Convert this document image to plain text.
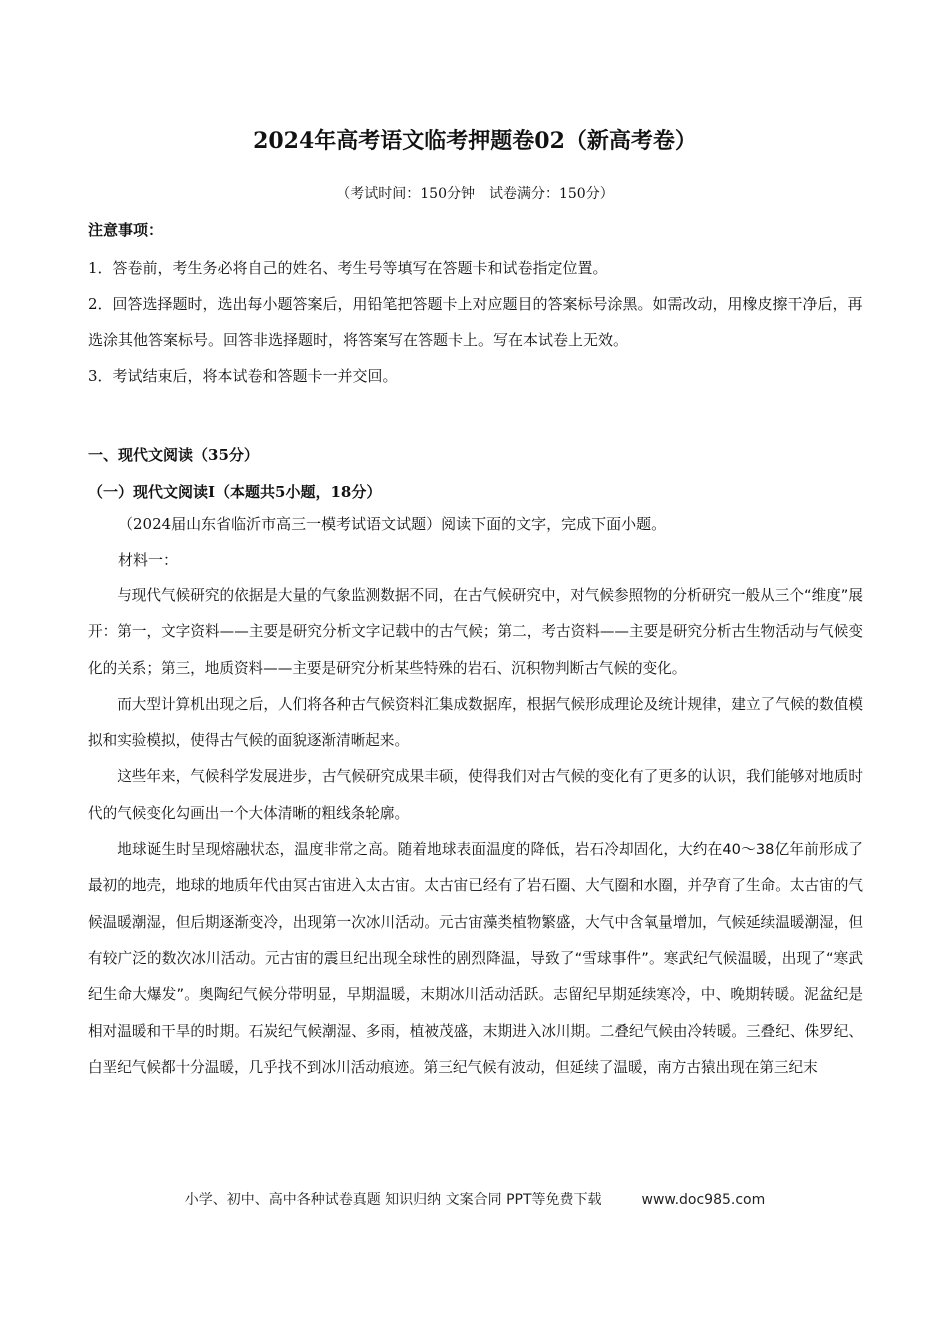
2024年高考语文临考押题卷02（新高考卷）
（考试时间：150分钟　试卷满分：150分）
注意事项：
1．答卷前，考生务必将自己的姓名、考生号等填写在答题卡和试卷指定位置。
2．回答选择题时，选出每小题答案后，用铅笔把答题卡上对应题目的答案标号涂黑。如需改动，用橡皮擦干净后，再选涂其他答案标号。回答非选择题时，将答案写在答题卡上。写在本试卷上无效。
3．考试结束后，将本试卷和答题卡一并交回。
一、现代文阅读（35分）
（一）现代文阅读Ⅰ（本题共5小题，18分）

（2024届山东省临沂市高三一模考试语文试题）阅读下面的文字，完成下面小题。

材料一：

与现代气候研究的依据是大量的气象监测数据不同，在古气候研究中，对气候参照物的分析研究一般从三个“维度”展开：第一，文字资料——主要是研究分析文字记载中的古气候；第二，考古资料——主要是研究分析古生物活动与气候变化的关系；第三，地质资料——主要是研究分析某些特殊的岩石、沉积物判断古气候的变化。

而大型计算机出现之后，人们将各种古气候资料汇集成数据库，根据气候形成理论及统计规律，建立了气候的数值模拟和实验模拟，使得古气候的面貌逐渐清晰起来。

这些年来，气候科学发展进步，古气候研究成果丰硕，使得我们对古气候的变化有了更多的认识，我们能够对地质时代的气候变化勾画出一个大体清晰的粗线条轮廓。

地球诞生时呈现熔融状态，温度非常之高。随着地球表面温度的降低，岩石冷却固化，大约在40～38亿年前形成了最初的地壳，地球的地质年代由冥古宙进入太古宙。太古宙已经有了岩石圈、大气圈和水圈，并孕育了生命。太古宙的气候温暖潮湿，但后期逐渐变冷，出现第一次冰川活动。元古宙藻类植物繁盛，大气中含氧量增加，气候延续温暖潮湿，但有较广泛的数次冰川活动。元古宙的震旦纪出现全球性的剧烈降温，导致了“雪球事件”。寒武纪气候温暖，出现了“寒武纪生命大爆发”。奥陶纪气候分带明显，早期温暖，末期冰川活动活跃。志留纪早期延续寒冷，中、晚期转暖。泥盆纪是相对温暖和干旱的时期。石炭纪气候潮湿、多雨，植被茂盛，末期进入冰川期。二叠纪气候由冷转暖。三叠纪、侏罗纪、白垩纪气候都十分温暖，几乎找不到冰川活动痕迹。第三纪气候有波动，但延续了温暖，南方古猿出现在第三纪末

小学、初中、高中各种试卷真题 知识归纳 文案合同 PPT等免费下载	www.doc985.com
